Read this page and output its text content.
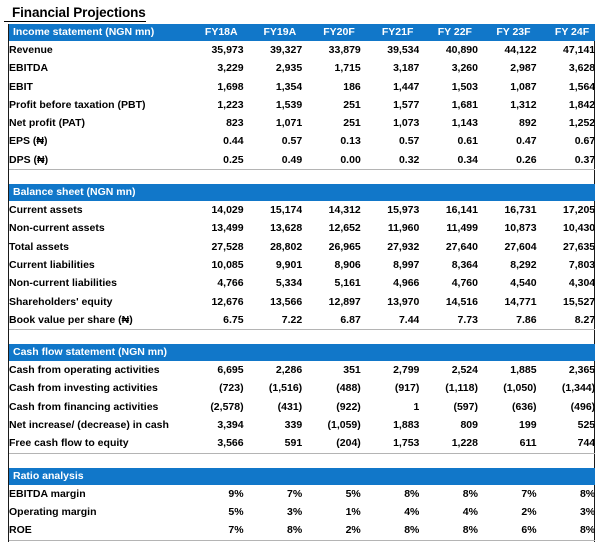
Financial Projections
Income statement (NGN mn)	FY18A	FY19A	FY20F	FY21F	FY 22F	FY 23F	FY 24F
Revenue	35,973	39,327	33,879	39,534	40,890	44,122	47,141
EBITDA	3,229	2,935	1,715	3,187	3,260	2,987	3,628
EBIT	1,698	1,354	186	1,447	1,503	1,087	1,564
Profit before taxation (PBT)	1,223	1,539	251	1,577	1,681	1,312	1,842
Net profit (PAT)	823	1,071	251	1,073	1,143	892	1,252
EPS (₦)	0.44	0.57	0.13	0.57	0.61	0.47	0.67
DPS (₦)	0.25	0.49	0.00	0.32	0.34	0.26	0.37

Balance sheet (NGN mn)							
Current assets	14,029	15,174	14,312	15,973	16,141	16,731	17,205
Non-current assets	13,499	13,628	12,652	11,960	11,499	10,873	10,430
Total assets	27,528	28,802	26,965	27,932	27,640	27,604	27,635
Current liabilities	10,085	9,901	8,906	8,997	8,364	8,292	7,803
Non-current liabilities	4,766	5,334	5,161	4,966	4,760	4,540	4,304
Shareholders' equity	12,676	13,566	12,897	13,970	14,516	14,771	15,527
Book value per share (₦)	6.75	7.22	6.87	7.44	7.73	7.86	8.27

Cash flow statement (NGN mn)							
Cash from operating activities	6,695	2,286	351	2,799	2,524	1,885	2,365
Cash from investing activities	(723)	(1,516)	(488)	(917)	(1,118)	(1,050)	(1,344)
Cash from financing activities	(2,578)	(431)	(922)	1	(597)	(636)	(496)
Net increase/ (decrease) in cash	3,394	339	(1,059)	1,883	809	199	525
Free cash flow to equity	3,566	591	(204)	1,753	1,228	611	744

Ratio analysis							
EBITDA margin	9%	7%	5%	8%	8%	7%	8%
Operating margin	5%	3%	1%	4%	4%	2%	3%
ROE	7%	8%	2%	8%	8%	6%	8%
